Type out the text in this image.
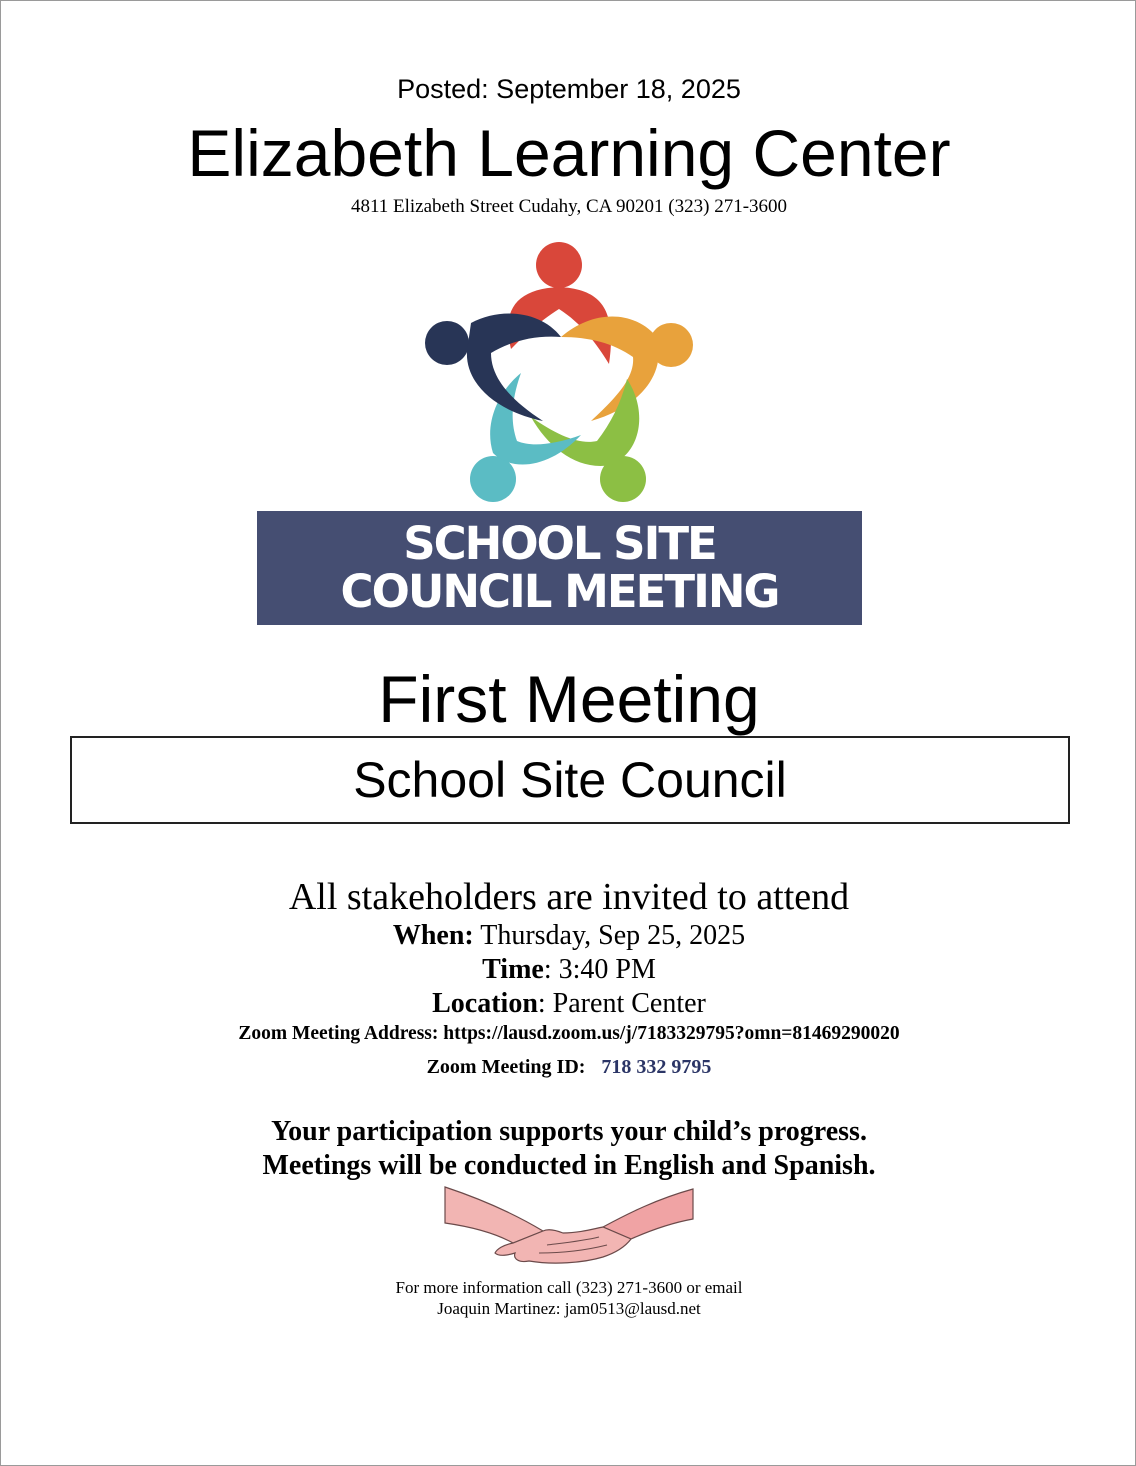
Posted: September 18, 2025
Elizabeth Learning Center
4811 Elizabeth Street Cudahy, CA 90201 (323) 271-3600
SCHOOL SITE
COUNCIL MEETING
First Meeting
School Site Council
All stakeholders are invited to attend
When: Thursday, Sep 25, 2025
Time: 3:40 PM
Location: Parent Center
Zoom Meeting Address: https://lausd.zoom.us/j/7183329795?omn=81469290020
Zoom Meeting ID: 718 332 9795
Your participation supports your child’s progress.
Meetings will be conducted in English and Spanish.
For more information call (323) 271-3600 or email
Joaquin Martinez: jam0513@lausd.net
